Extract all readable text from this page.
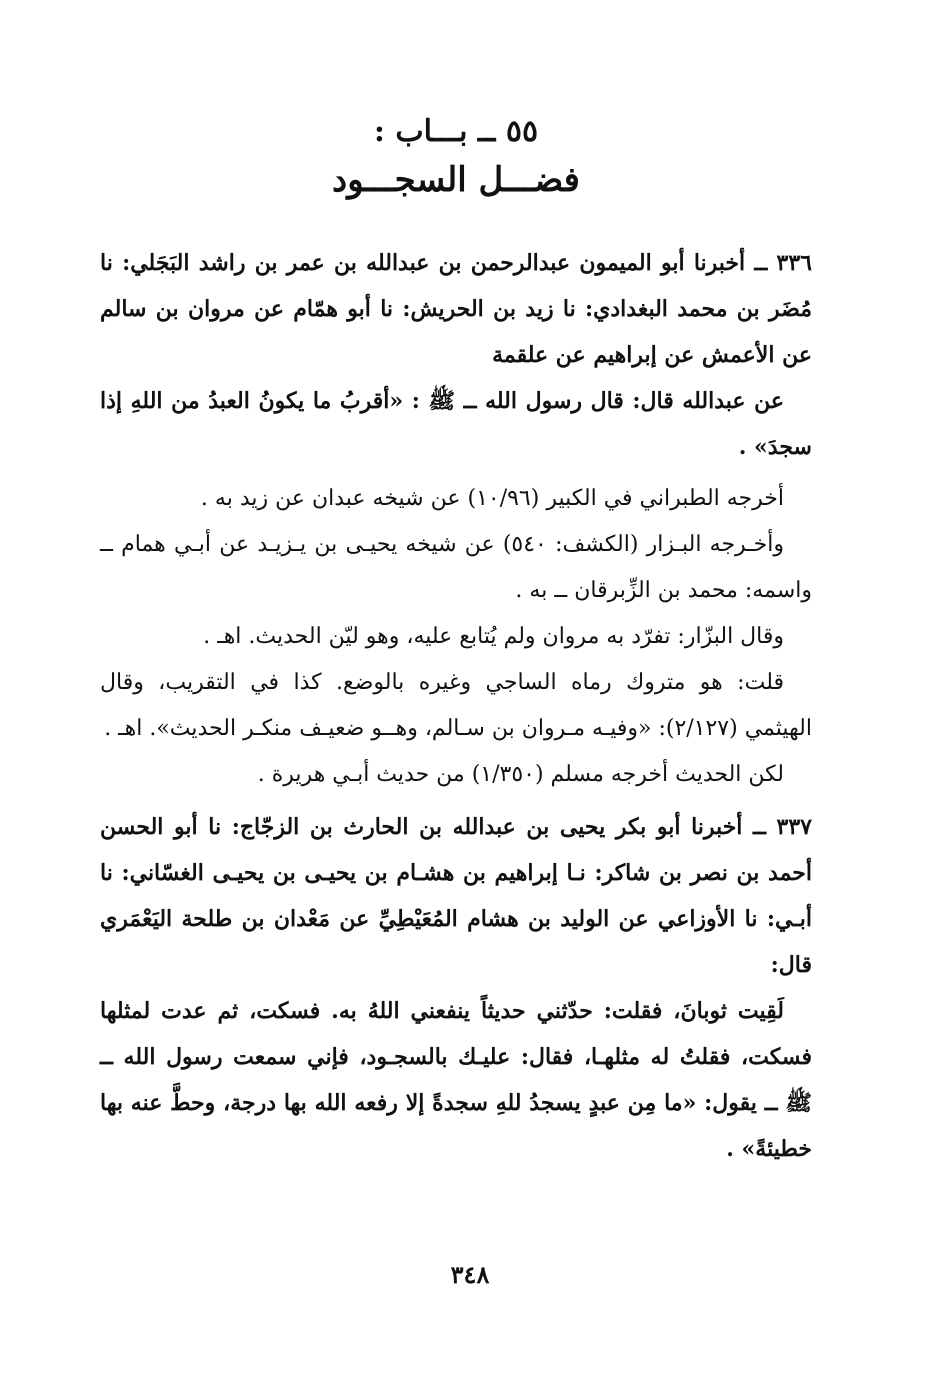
٥٥ ــ بـــاب :

فضـــل السجـــود

٣٣٦ ــ أخبرنا أبو الميمون عبدالرحمن بن عبدالله بن عمر بن راشد البَجَلي: نا مُضَر بن محمد البغدادي: نا زيد بن الحريش: نا أبو همّام عن مروان بن سالم عن الأعمش عن إبراهيم عن علقمة

عن عبدالله قال: قال رسول الله ــ ﷺ : «أقربُ ما يكونُ العبدُ من اللهِ إذا سجدَ» .

أخرجه الطبراني في الكبير (١٠/٩٦) عن شيخه عبدان عن زيد به .

وأخـرجه البـزار (الكشف: ٥٤٠) عن شيخه يحيـى بن يـزيـد عن أبـي همام ــ واسمه: محمد بن الزِّبرقان ــ به .

وقال البزّار: تفرّد به مروان ولم يُتابع عليه، وهو ليّن الحديث. اهـ .

قلت: هو متروك رماه الساجي وغيره بالوضع. كذا في التقريب، وقال الهيثمي (٢/١٢٧): «وفيـه مـروان بن سـالم، وهــو ضعيـف منكـر الحديث». اهـ .

لكن الحديث أخرجه مسلم (١/٣٥٠) من حديث أبـي هريرة .

٣٣٧ ــ أخبرنا أبو بكر يحيى بن عبدالله بن الحارث بن الزجّاج: نا أبو الحسن أحمد بن نصر بن شاكر: نـا إبراهيم بن هشـام بن يحيـى بن يحيـى الغسّاني: نا أبـي: نا الأوزاعي عن الوليد بن هشام المُعَيْطِيِّ عن مَعْدان بن طلحة اليَعْمَري قال:

لَقِيت ثوبانَ، فقلت: حدّثني حديثاً ينفعني اللهُ به. فسكت، ثم عدت لمثلها فسكت، فقلتُ له مثلهـا، فقال: عليـك بالسجـود، فإني سمعت رسول الله ــ ﷺ ــ يقول: «ما مِن عبدٍ يسجدُ للهِ سجدةً إلا رفعه الله بها درجة، وحطَّ عنه بها خطيئةً» .

٣٤٨
